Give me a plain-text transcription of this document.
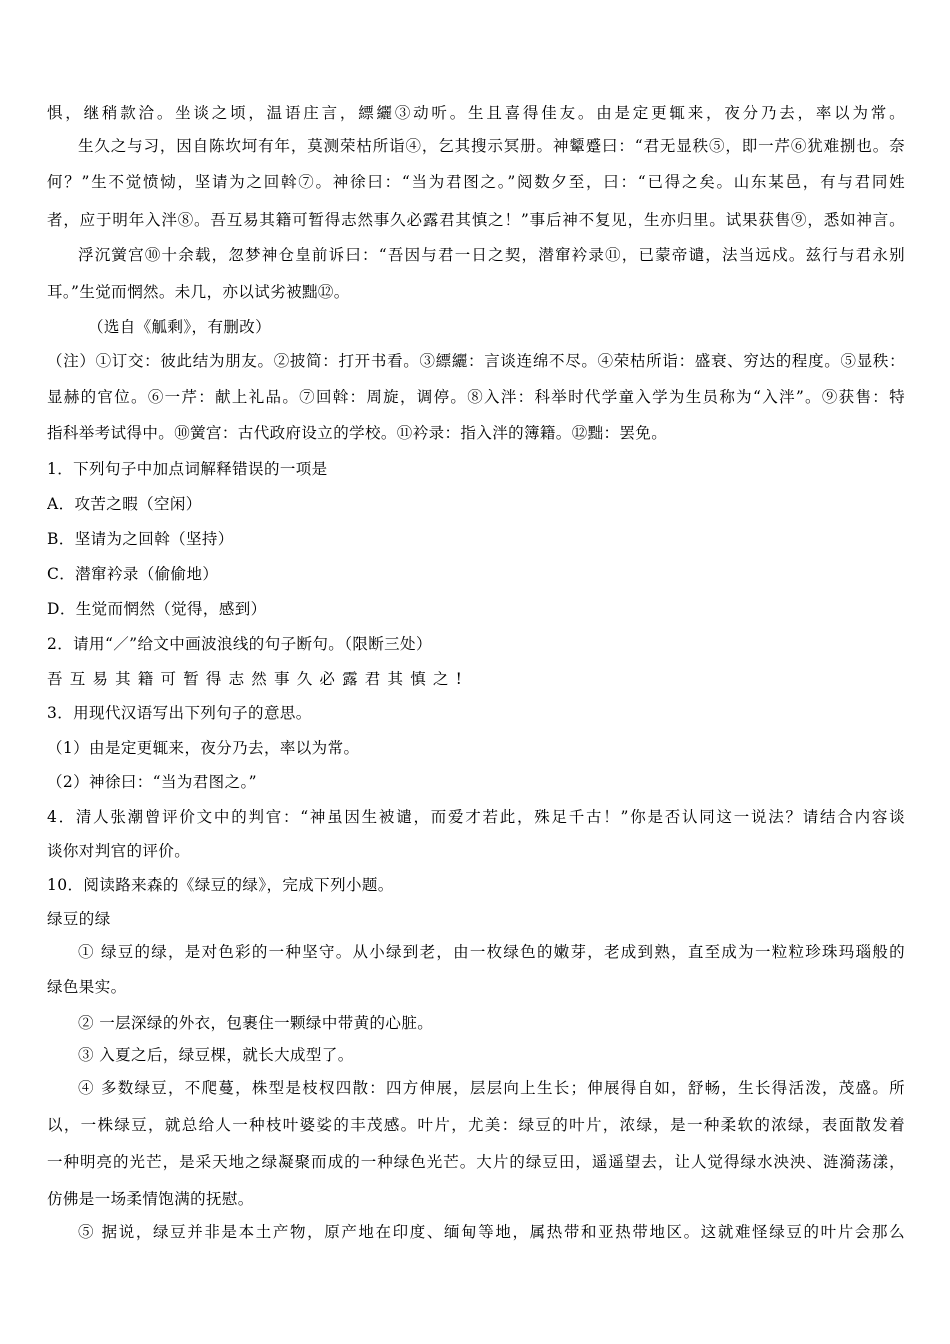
惧，继稍款洽。坐谈之顷，温语庄言，縹纚③动听。生且喜得佳友。由是定更辄来，夜分乃去，率以为常。
生久之与习，因自陈坎坷有年，莫测荣枯所诣④，乞其搜示冥册。神颦蹙曰：“君无显秩⑤，即一芹⑥犹难捌也。奈
何？”生不觉愤恸，坚请为之回斡⑦。神徐曰：“当为君图之。”阅数夕至，曰：“已得之矣。山东某邑，有与君同姓
者，应于明年入泮⑧。吾互易其籍可暂得志然事久必露君其慎之！”事后神不复见，生亦归里。试果获售⑨，悉如神言。
浮沉黉宫⑩十余载，忽梦神仓皇前诉曰：“吾因与君一日之契，潜窜衿录⑪，已蒙帝谴，法当远戍。兹行与君永别
耳。”生觉而惘然。未几，亦以试劣被黜⑫。
（选自《觚剩》，有删改）
（注）①订交：彼此结为朋友。②披简：打开书看。③縹纚：言谈连绵不尽。④荣枯所诣：盛衰、穷达的程度。⑤显秩：
显赫的官位。⑥一芹：献上礼品。⑦回斡：周旋，调停。⑧入泮：科举时代学童入学为生员称为“入泮”。⑨获售：特
指科举考试得中。⑩黉宫：古代政府设立的学校。⑪衿录：指入泮的簿籍。⑫黜：罢免。
1．下列句子中加点词解释错误的一项是
A．攻苦之暇（空闲）
B．坚请为之回斡（坚持）
C．潜窜衿录（偷偷地）
D．生觉而惘然（觉得，感到）
2．请用“／”给文中画波浪线的句子断句。（限断三处）
吾互易其籍可暂得志然事久必露君其慎之!
3．用现代汉语写出下列句子的意思。
（1）由是定更辄来，夜分乃去，率以为常。
（2）神徐曰：“当为君图之。”
4．清人张潮曾评价文中的判官：“神虽因生被谴，而爱才若此，殊足千古！”你是否认同这一说法？请结合内容谈
谈你对判官的评价。
10．阅读路来森的《绿豆的绿》，完成下列小题。
绿豆的绿
① 绿豆的绿，是对色彩的一种坚守。从小绿到老，由一枚绿色的嫩芽，老成到熟，直至成为一粒粒珍珠玛瑙般的
绿色果实。
② 一层深绿的外衣，包裹住一颗绿中带黄的心脏。
③ 入夏之后，绿豆棵，就长大成型了。
④ 多数绿豆，不爬蔓，株型是枝杈四散：四方伸展，层层向上生长；伸展得自如，舒畅，生长得活泼，茂盛。所
以，一株绿豆，就总给人一种枝叶婆娑的丰茂感。叶片，尤美：绿豆的叶片，浓绿，是一种柔软的浓绿，表面散发着
一种明亮的光芒，是采天地之绿凝聚而成的一种绿色光芒。大片的绿豆田，遥遥望去，让人觉得绿水泱泱、涟漪荡漾，
仿佛是一场柔情饱满的抚慰。
⑤ 据说，绿豆并非是本土产物，原产地在印度、缅甸等地，属热带和亚热带地区。这就难怪绿豆的叶片会那么
